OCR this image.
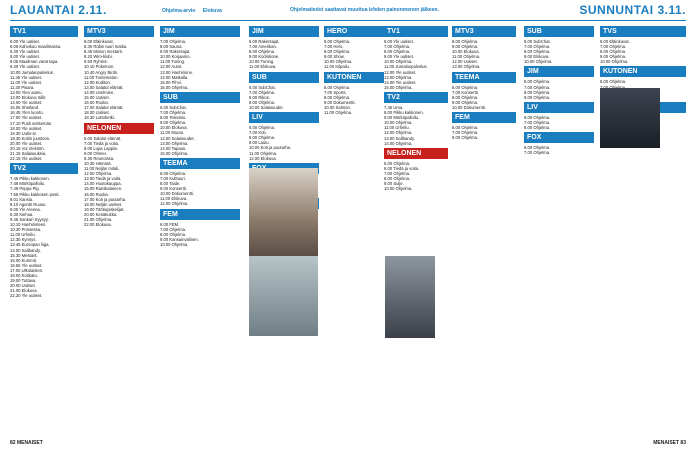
LAUANTAI 2.11.	Ohjelma-arvio Elokuva	Ohjelmatiedot saattavat muuttua lehden painonmenon jälkeen.	SUNNUNTAI 3.11.
TV1

6.00 Yle uutiset.

6.05 Kahvikuu maailmassa.

6.30 Yle uutiset.

9.00 Yle uutiset.

9.05 Maailman varat tapa.

9.30 Yle uutiset.

10.00 Jumalanpalvelus.

11.45 Yle uutiset.

11.00 Yle uutiset.

11.30 Pisara.

13.00 Ylen aamu.

13.00 Elokuva Siilit

14.00 Yle uutiset.

15.05 Shetland

16.45 Ylen luonto.

17.00 Yle uutiset.

17.10 Puoli seitsemän.

18.00 Yle uutiset.

18.30 Uutis-tv.

19.30 Kotiin juustoon.

20.00 Yle uutiset.

20.15 Voi Vieköön.

21.15 Salaisuuksia.

22.15 Yle uutiset.

TV2

7.45 Pikku kakkonen.

7.48 Mörköpalloilu.

7.49 Peppa Pig.

7.55 Pikku kakkosen posti.

8.01 Kansia.

8.10 Agentti Ruusu.

9.00 Yle Areena.

9.30 Kiehua.

9.45 Sankari Syysyy.

10.10 Hanhirinteen.

10.30 Prinsessa.

11.00 Urheilu.

12.30 Kynnys.

13.45 Euroopan liiga.

14.00 Salibandy.

15.30 Mestarit.

16.00 Kummit.

16.55 Yle uutiset.

17.00 Ulkolaisten.

18.00 Kotikatu.

19.00 Tuttava.

20.00 Uutiset.

21.00 Elokuva.

22.20 Yle uutiset.

MTV3

8.00 Eläinkuvat.

8.30 Robin tuuri matka.

8.45 Minion mestarit.

9.20 Wim-klubi.

9.50 Ryhmä.

10.10 Pokemon.

10.40 Angry Birds.

11.00 Tuntematon.

12.00 Koditon.

13.00 Salatut elämät.

14.00 Unelmien.

15.00 Uutiset.

16.00 Ruoka.

17.00 Salatut elämät.

18.00 Uutiset.

18.30 Lottohetki.

NELONEN

5.00 Salatut elämät.

7.00 Tiedä ja voita.

8.00 Lupa Lappiin.

9.00 Ohmer.

9.30 Reunoissa.

10.30 Hämärä.

11.00 Neljän mitali.

12.00 Ohjelma.

13.00 Tiedä ja voita.

14.00 Huutokauppa.

15.00 Ranskalainen.

16.00 Ruoka.

17.00 Koti ja puutarha.

18.00 Neljän uutiset.

19.00 Tähtiopiskelijat.

20.00 Kesäkukka.

21.00 Ohjelma.

22.00 Elokuva.

JIM

7.00 Ohjelma.

8.00 Sauna.

9.00 Rakentajat.

10.00 Korjaamo.

11.00 Tuning.

12.00 Autot.

13.00 Hanhirinne.

14.00 Matkalla.

15.00 Pihvi.

16.00 Ohjelma.

SUB

6.00 SubChat.

7.00 Ohjelma.

8.00 Televisio.

9.00 Ohjelma.

10.00 Elokuva.

11.00 Muuta.

12.00 Salaisuudet.

13.00 Ohjelma.

14.00 Tapaus.

15.00 Ohjelma.

TEEMA

6.00 Ohjelma.

7.00 Kulttuuri.

8.00 Taide.

9.00 Konsertti.

10.00 Dokumentti.

11.00 Elokuva.

12.00 Ohjelma.

FEM

6.00 FEM.

7.00 Ohjelma.

8.00 Ohjelma.

9.00 Kansainvälinen.

10.00 Ohjelma.

JIM

6.00 Rakentajat.

7.00 Amerikan.

8.00 Ohjelma.

9.00 Kodinkone.

10.00 Tuning.

11.00 Elokuva.

SUB

6.00 SubChat.

7.00 Ohjelma.

8.00 Rikos.

9.00 Ohjelma.

10.00 Salaisuudet.

LIV

6.00 Ohjelma.

7.00 Koti.

8.00 Ohjelma.

9.00 Laulu.

10.00 Koti ja puutarha.

11.00 Ohjelma.

12.00 Elokuva.

HERO

6.00 Ohjelma.

7.00 Hero.

8.00 Ohjelma.

9.00 Show.

10.00 Ohjelma.

11.00 Kilpailu.

KUTONEN

6.00 Ohjelma.

7.00 Sports.

8.00 Ohjelma.

9.00 Dokumentti.

10.00 Salmon.

11.00 Ohjelma.

TV1

6.00 Yle uutiset.

7.00 Ohjelma.

8.00 Ohjelma.

9.00 Yle uutiset.

10.00 Ohjelma.

11.00 Jumalanpalvelus.

12.00 Yle uutiset.

13.00 Ohjelma.

14.00 Yle uutiset.

15.00 Ohjelma.

TV2

7.45 Uma.

8.00 Pikku kakkonen.

9.00 Mörköpalloilu.

10.00 Ohjelma.

11.00 Urheilu.

12.00 Ohjelma.

13.00 Salibandy.

14.00 Ohjelma.

NELONEN

5.00 Ohjelma.

6.00 Tiedä ja voita.

7.00 Ohjelma.

8.00 Ohjelma.

9.00 Sulje.

10.00 Ohjelma.

MTV3

8.00 Ohjelma.

9.00 Ohjelma.

10.00 Elokuva.

11.00 Ohjelma.

12.00 Uutiset.

13.00 Ohjelma.

TEEMA

6.00 Ohjelma.

7.00 Konsertti.

8.00 Ohjelma.

9.00 Ohjelma.

10.00 Dokumentti.

FEM

6.00 Ohjelma.

7.00 Ohjelma.

8.00 Ohjelma.

SUB

6.00 SubChat.

7.00 Ohjelma.

8.00 Ohjelma.

9.00 Elokuva.

10.00 Ohjelma.

JIM

6.00 Ohjelma.

7.00 Ohjelma.

8.00 Ohjelma.

9.00 Ohjelma.

LIV

6.00 Ohjelma.

7.00 Ohjelma.

8.00 Ohjelma.

FOX

6.00 Ohjelma.

7.00 Ohjelma.

TVS

6.00 Eläinkuvat.

7.00 Ohjelma.

8.00 Ohjelma.

9.00 Ohjelma.

10.00 Ohjelma.

KUTONEN

6.00 Ohjelma.

82 MENAISET	MENAISET 83
